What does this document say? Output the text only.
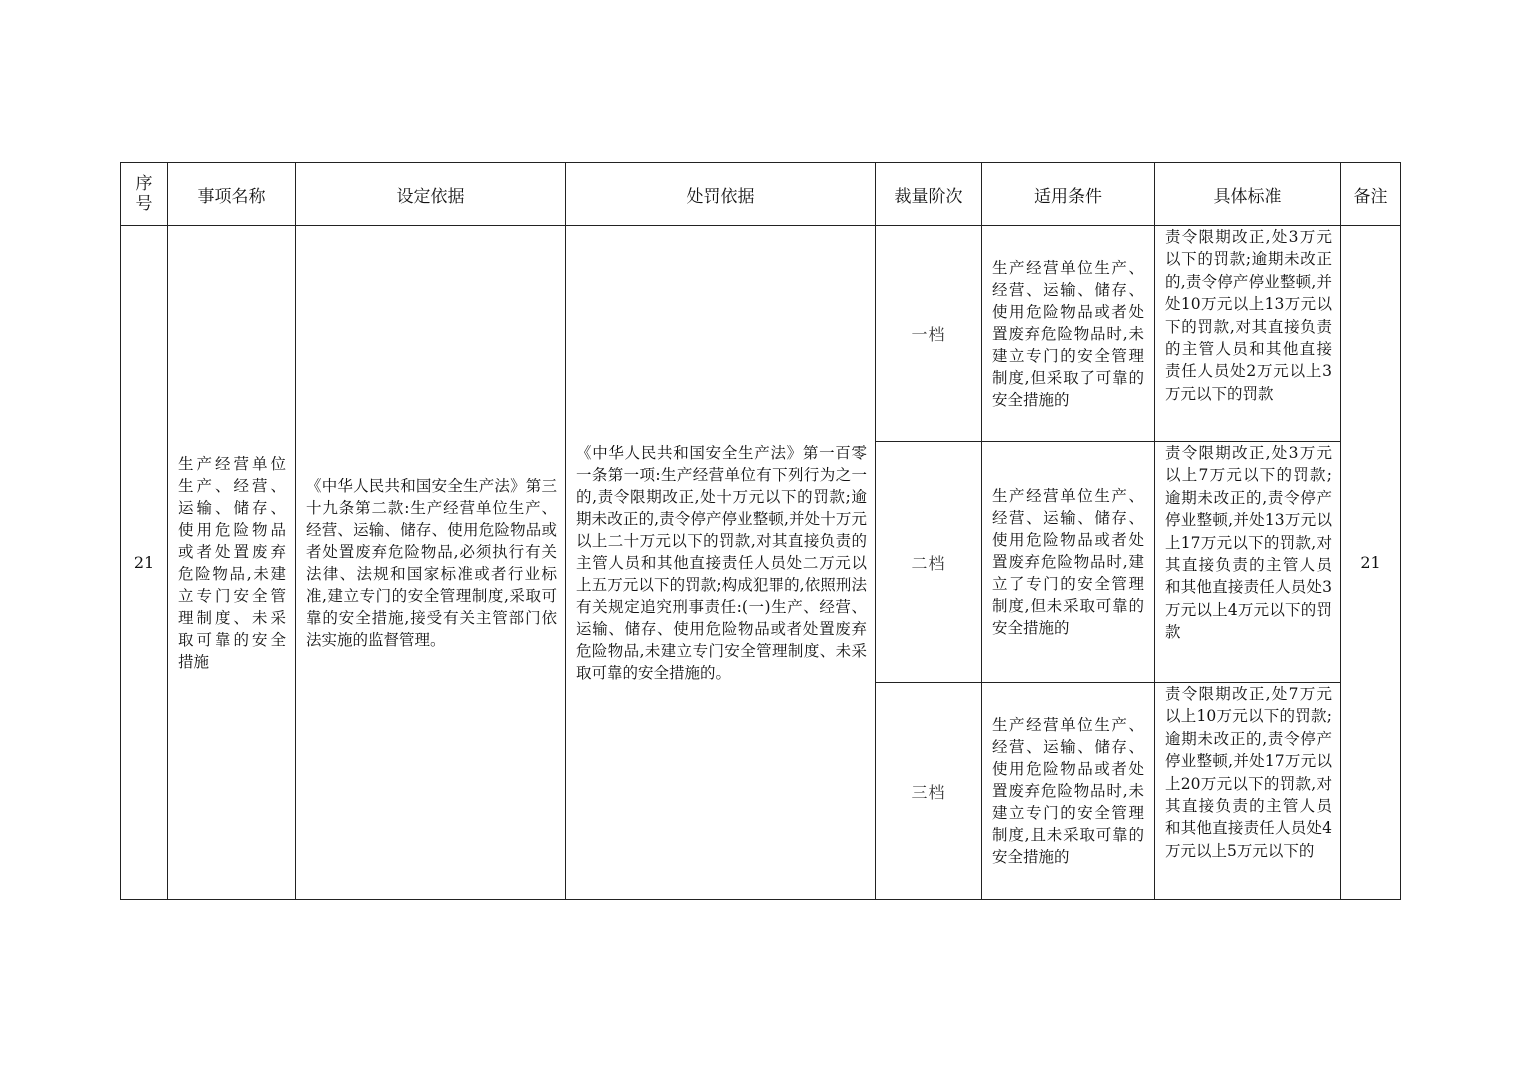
序号	事项名称	设定依据	处罚依据	裁量阶次	适用条件	具体标准	备注
21	生产经营单位生产、经营、运输、储存、使用危险物品或者处置废弃危险物品,未建立专门安全管理制度、未采取可靠的安全措施	《中华人民共和国安全生产法》第三十九条第二款:生产经营单位生产、经营、运输、储存、使用危险物品或者处置废弃危险物品,必须执行有关法律、法规和国家标准或者行业标准,建立专门的安全管理制度,采取可靠的安全措施,接受有关主管部门依法实施的监督管理。	《中华人民共和国安全生产法》第一百零一条第一项:生产经营单位有下列行为之一的,责令限期改正,处十万元以下的罚款;逾期未改正的,责令停产停业整顿,并处十万元以上二十万元以下的罚款,对其直接负责的主管人员和其他直接责任人员处二万元以上五万元以下的罚款;构成犯罪的,依照刑法有关规定追究刑事责任:(一)生产、经营、运输、储存、使用危险物品或者处置废弃危险物品,未建立专门安全管理制度、未采取可靠的安全措施的。	一档	生产经营单位生产、经营、运输、储存、使用危险物品或者处置废弃危险物品时,未建立专门的安全管理制度,但采取了可靠的安全措施的	责令限期改正,处3万元以下的罚款;逾期未改正的,责令停产停业整顿,并处10万元以上13万元以下的罚款,对其直接负责的主管人员和其他直接责任人员处2万元以上3万元以下的罚款	21
				二档	生产经营单位生产、经营、运输、储存、使用危险物品或者处置废弃危险物品时,建立了专门的安全管理制度,但未采取可靠的安全措施的	责令限期改正,处3万元以上7万元以下的罚款;逾期未改正的,责令停产停业整顿,并处13万元以上17万元以下的罚款,对其直接负责的主管人员和其他直接责任人员处3万元以上4万元以下的罚款	

				三档	生产经营单位生产、经营、运输、储存、使用危险物品或者处置废弃危险物品时,未建立专门的安全管理制度,且未采取可靠的安全措施的	责令限期改正,处7万元以上10万元以下的罚款;逾期未改正的,责令停产停业整顿,并处17万元以上20万元以下的罚款,对其直接负责的主管人员和其他直接责任人员处4万元以上5万元以下的	
